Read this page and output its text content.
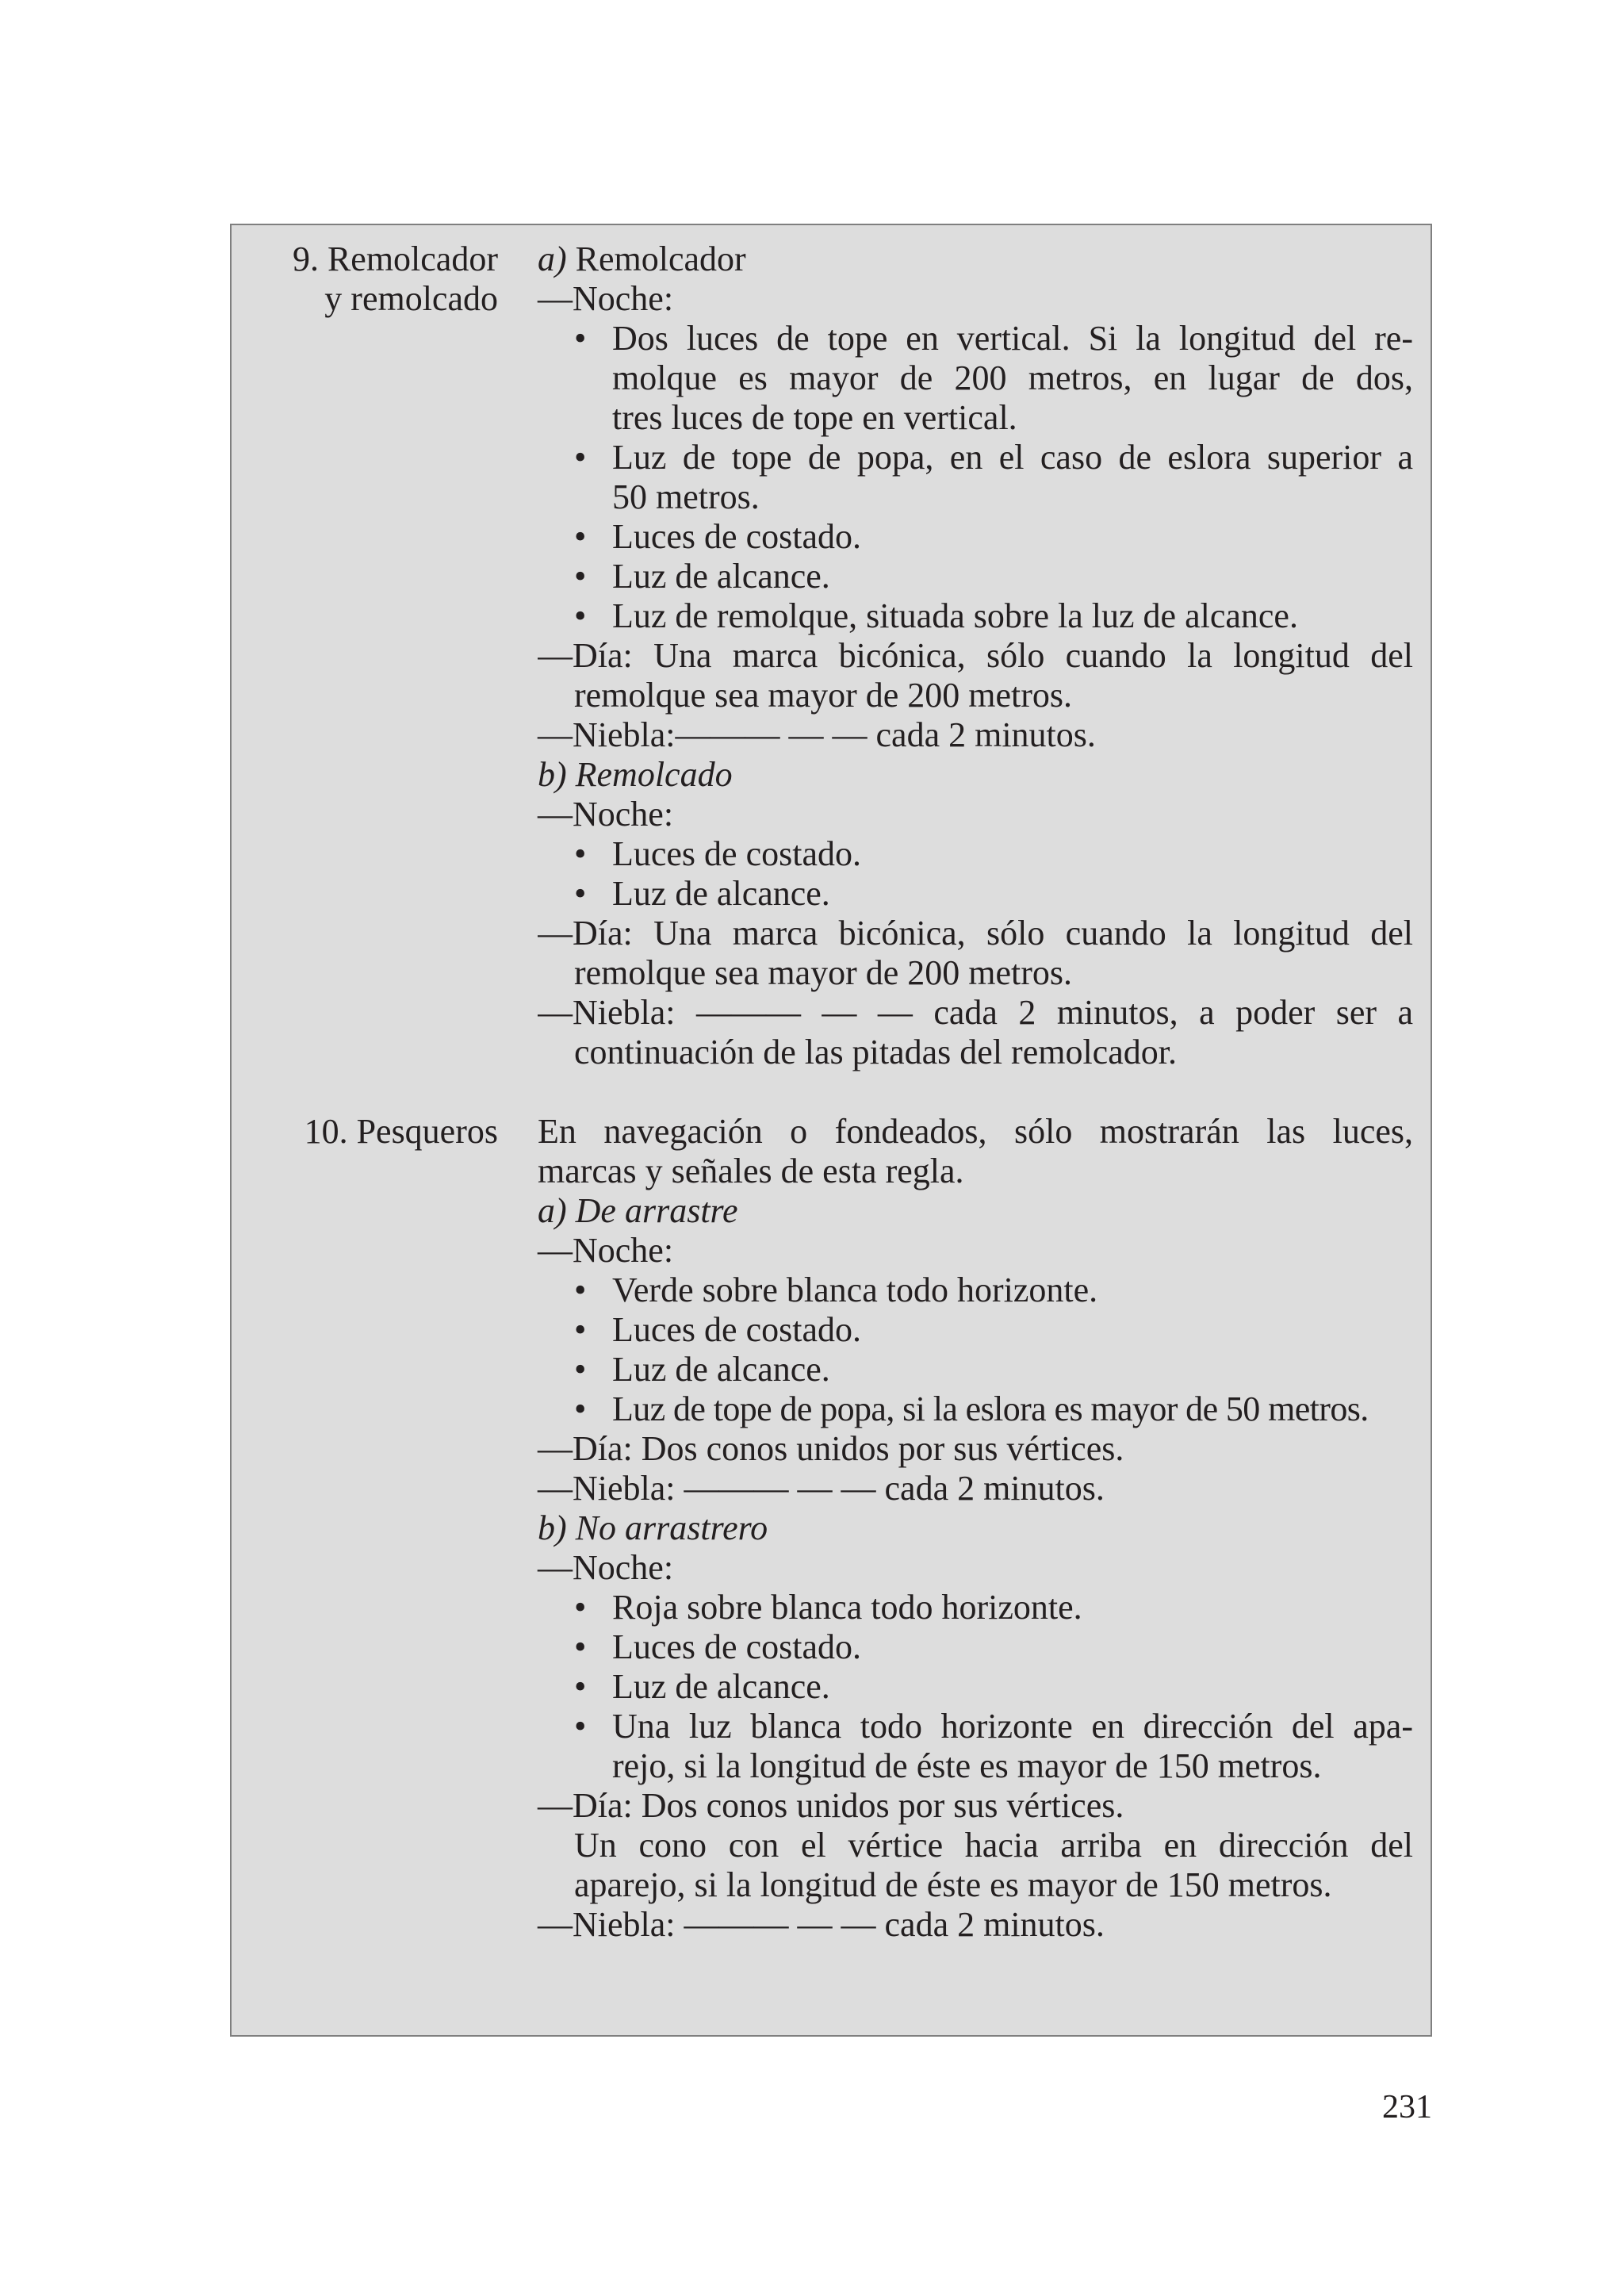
9. Remolcador
y remolcado
a) Remolcador
—Noche:
• Dos luces de tope en vertical. Si la longitud del re-
molque es mayor de 200 metros, en lugar de dos,
tres luces de tope en vertical.
• Luz de tope de popa, en el caso de eslora superior a
50 metros.
• Luces de costado.
• Luz de alcance.
• Luz de remolque, situada sobre la luz de alcance.
—Día: Una marca bicónica, sólo cuando la longitud del
remolque sea mayor de 200 metros.
—Niebla:——— — — cada 2 minutos.
b) Remolcado
—Noche:
• Luces de costado.
• Luz de alcance.
—Día: Una marca bicónica, sólo cuando la longitud del
remolque sea mayor de 200 metros.
—Niebla: ——— — — cada 2 minutos, a poder ser a
continuación de las pitadas del remolcador.
10. Pesqueros En navegación o fondeados, sólo mostrarán las luces,
marcas y señales de esta regla.
a) De arrastre
—Noche:
• Verde sobre blanca todo horizonte.
• Luces de costado.
• Luz de alcance.
• Luz de tope de popa, si la eslora es mayor de 50 metros.
—Día: Dos conos unidos por sus vértices.
—Niebla: ——— — — cada 2 minutos.
b) No arrastrero
—Noche:
• Roja sobre blanca todo horizonte.
• Luces de costado.
• Luz de alcance.
• Una luz blanca todo horizonte en dirección del apa-
rejo, si la longitud de éste es mayor de 150 metros.
—Día: Dos conos unidos por sus vértices.
Un cono con el vértice hacia arriba en dirección del
aparejo, si la longitud de éste es mayor de 150 metros.
—Niebla: ——— — — cada 2 minutos.
231
